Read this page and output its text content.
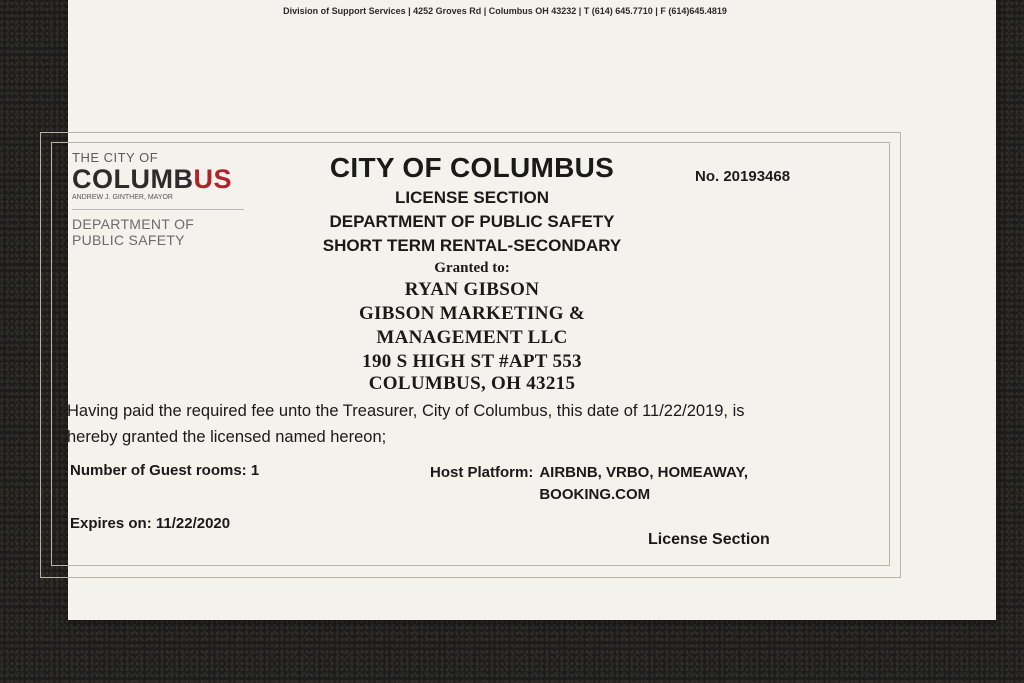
Division of Support Services | 4252 Groves Rd | Columbus OH 43232 | T (614) 645.7710 | F (614)645.4819
THE CITY OF
COLUMBUS
ANDREW J. GINTHER, MAYOR
DEPARTMENT OF
PUBLIC SAFETY
No. 20193468
CITY OF COLUMBUS
LICENSE SECTION
DEPARTMENT OF PUBLIC SAFETY
SHORT TERM RENTAL-SECONDARY
Granted to:
RYAN GIBSON
GIBSON MARKETING &
MANAGEMENT LLC
190 S HIGH ST #APT 553
COLUMBUS, OH 43215
Having paid the required fee unto the Treasurer, City of Columbus, this date of 11/22/2019, is
hereby granted the licensed named hereon;
Number of Guest rooms: 1	Host Platform: AIRBNB, VRBO, HOMEAWAY,
BOOKING.COM
Expires on: 11/22/2020
License Section
